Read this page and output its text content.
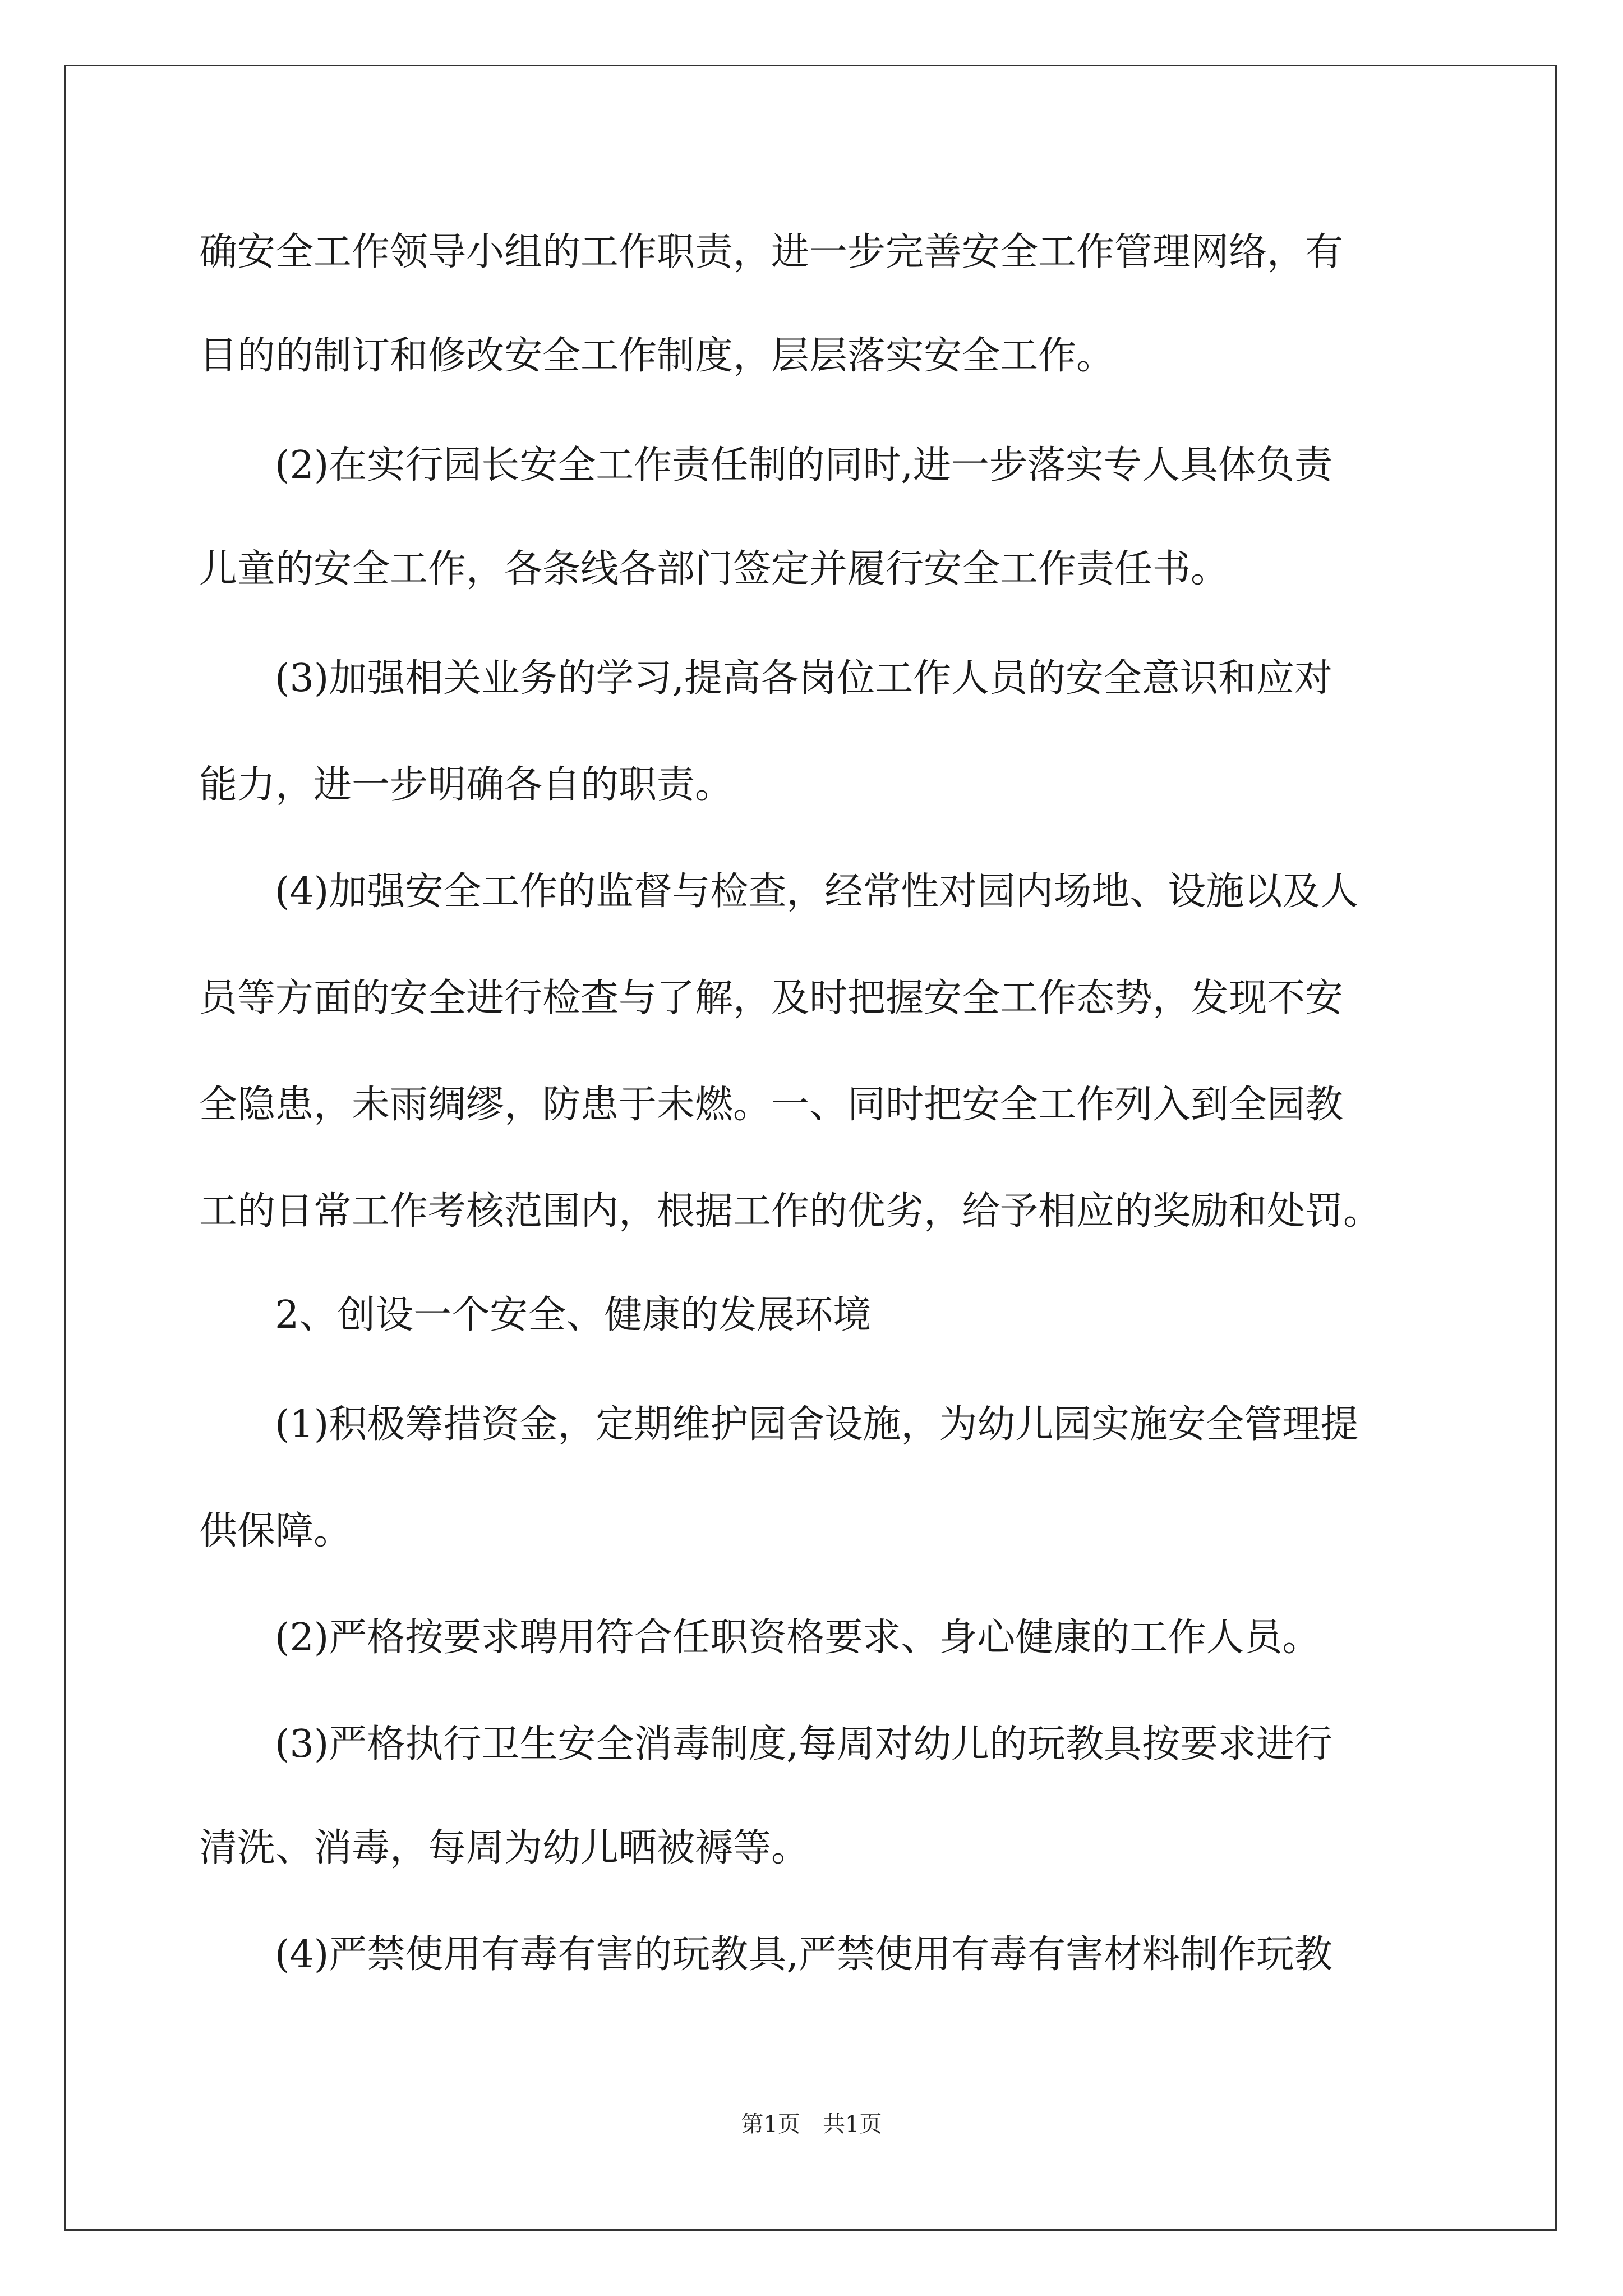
确安全工作领导小组的工作职责，进一步完善安全工作管理网络，有
目的的制订和修改安全工作制度，层层落实安全工作。
(2)在实行园长安全工作责任制的同时,进一步落实专人具体负责
儿童的安全工作，各条线各部门签定并履行安全工作责任书。
(3)加强相关业务的学习,提高各岗位工作人员的安全意识和应对
能力，进一步明确各自的职责。
(4)加强安全工作的监督与检查，经常性对园内场地、设施以及人
员等方面的安全进行检查与了解，及时把握安全工作态势，发现不安
全隐患，未雨绸缪，防患于未燃。一、同时把安全工作列入到全园教
工的日常工作考核范围内，根据工作的优劣，给予相应的奖励和处罚。
2、创设一个安全、健康的发展环境
(1)积极筹措资金，定期维护园舍设施，为幼儿园实施安全管理提
供保障。
(2)严格按要求聘用符合任职资格要求、身心健康的工作人员。
(3)严格执行卫生安全消毒制度,每周对幼儿的玩教具按要求进行
清洗、消毒，每周为幼儿晒被褥等。
(4)严禁使用有毒有害的玩教具,严禁使用有毒有害材料制作玩教
第1页 共1页
